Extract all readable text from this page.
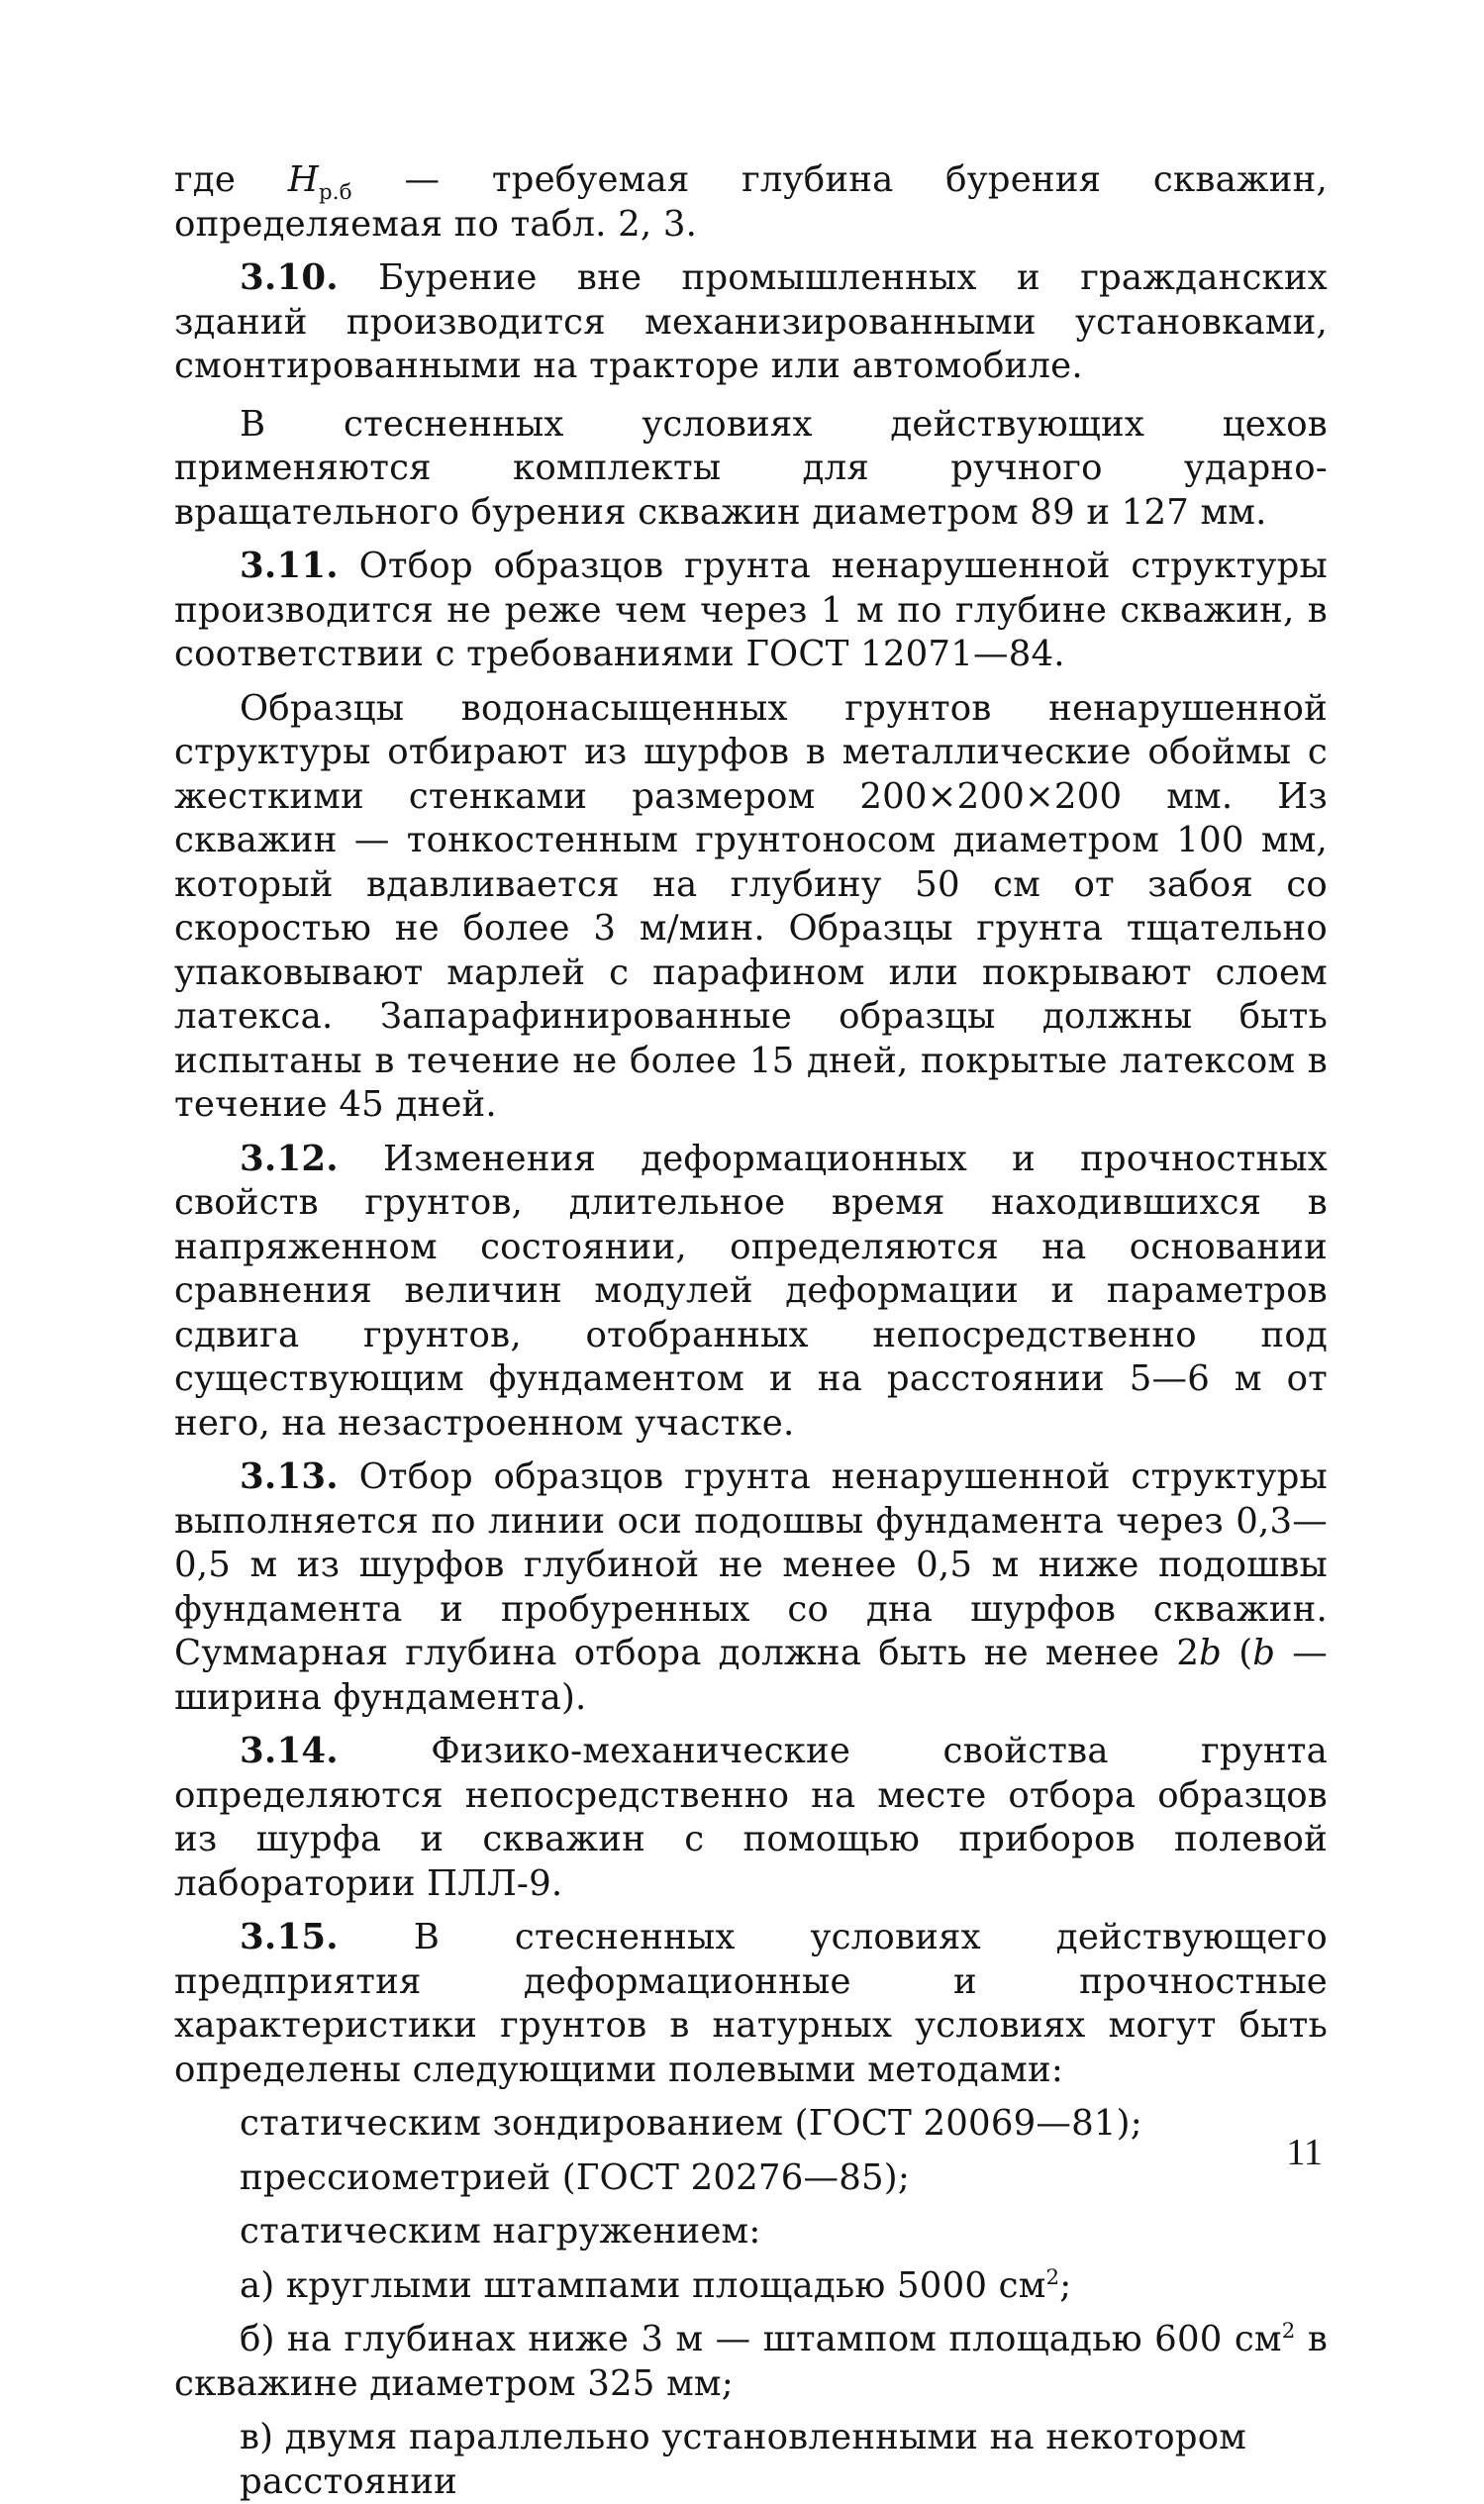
где $H_{р.б}$ — требуемая глубина бурения скважин, определяемая по табл. 2, 3.

3.10. Бурение вне промышленных и гражданских зданий производится механизированными установками, смонтированными на тракторе или автомобиле.

В стесненных условиях действующих цехов применяются комплекты для ручного ударно-вращательного бурения скважин диаметром 89 и 127 мм.

3.11. Отбор образцов грунта ненарушенной структуры производится не реже чем через 1 м по глубине скважин, в соответствии с требованиями ГОСТ 12071—84.

Образцы водонасыщенных грунтов ненарушенной структуры отбирают из шурфов в металлические обоймы с жесткими стенками размером 200×200×200 мм. Из скважин — тонкостенным грунтоносом диаметром 100 мм, который вдавливается на глубину 50 см от забоя со скоростью не более 3 м/мин. Образцы грунта тщательно упаковывают марлей с парафином или покрывают слоем латекса. Запарафинированные образцы должны быть испытаны в течение не более 15 дней, покрытые латексом в течение 45 дней.

3.12. Изменения деформационных и прочностных свойств грунтов, длительное время находившихся в напряженном состоянии, определяются на основании сравнения величин модулей деформации и параметров сдвига грунтов, отобранных непосредственно под существующим фундаментом и на расстоянии 5—6 м от него, на незастроенном участке.

3.13. Отбор образцов грунта ненарушенной структуры выполняется по линии оси подошвы фундамента через 0,3—0,5 м из шурфов глубиной не менее 0,5 м ниже подошвы фундамента и пробуренных со дна шурфов скважин. Суммарная глубина отбора должна быть не менее 2b (b — ширина фундамента).

3.14. Физико-механические свойства грунта определяются непосредственно на месте отбора образцов из шурфа и скважин с помощью приборов полевой лаборатории ПЛЛ-9.

3.15. В стесненных условиях действующего предприятия деформационные и прочностные характеристики грунтов в натурных условиях могут быть определены следующими полевыми методами:

статическим зондированием (ГОСТ 20069—81);

прессиометрией (ГОСТ 20276—85);

статическим нагружением:

а) круглыми штампами площадью 5000 $см^2$;

б) на глубинах ниже 3 м — штампом площадью 600 $см^2$ в скважине диаметром 325 мм;

в) двумя параллельно установленными на некотором расстоянии

11
